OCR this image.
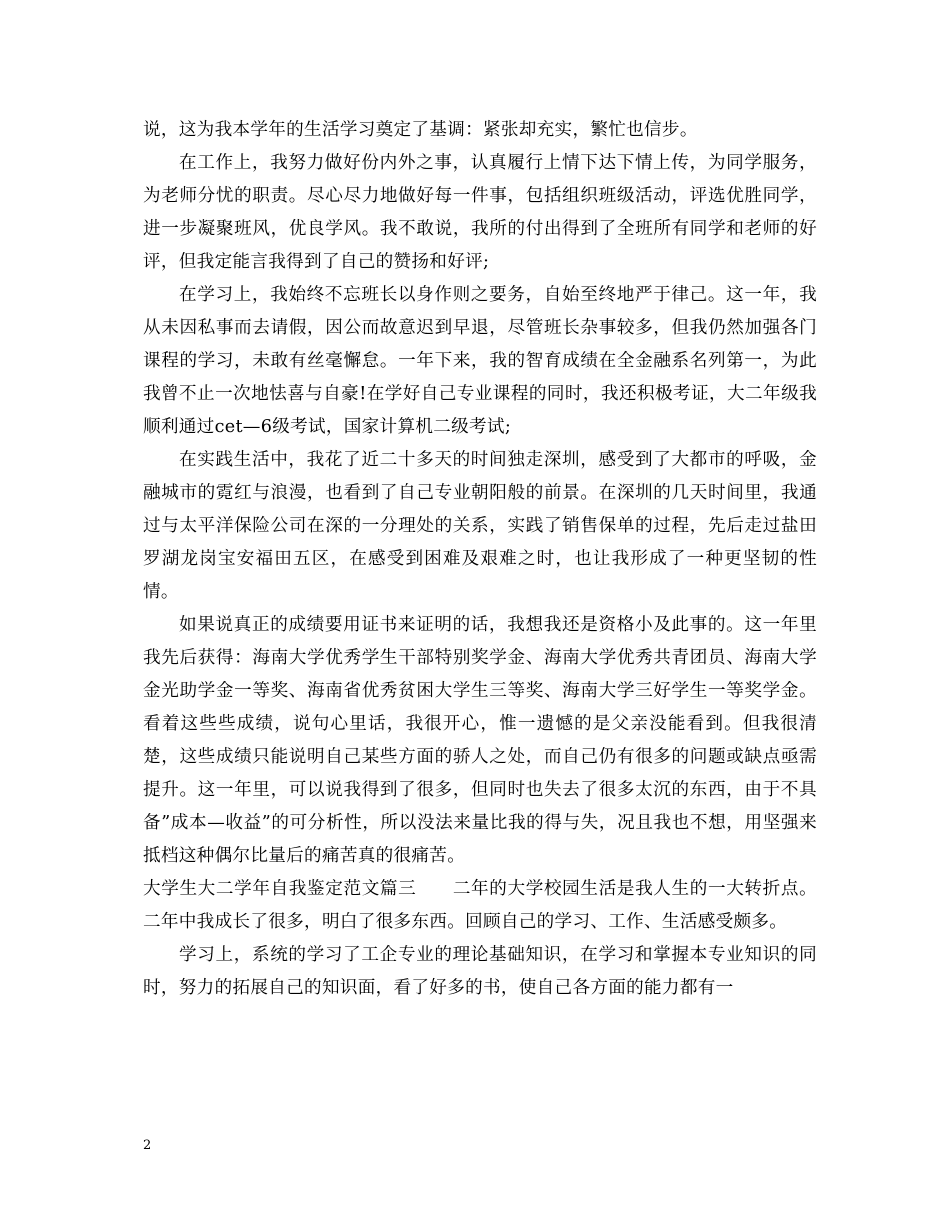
说，这为我本学年的生活学习奠定了基调：紧张却充实，繁忙也信步。

在工作上，我努力做好份内外之事，认真履行上情下达下情上传，为同学服务，为老师分忧的职责。尽心尽力地做好每一件事，包括组织班级活动，评选优胜同学，进一步凝聚班风，优良学风。我不敢说，我所的付出得到了全班所有同学和老师的好评，但我定能言我得到了自己的赞扬和好评;

在学习上，我始终不忘班长以身作则之要务，自始至终地严于律己。这一年，我从未因私事而去请假，因公而故意迟到早退，尽管班长杂事较多，但我仍然加强各门课程的学习，未敢有丝毫懈怠。一年下来，我的智育成绩在全金融系名列第一，为此我曾不止一次地怯喜与自豪!在学好自己专业课程的同时，我还积极考证，大二年级我顺利通过cet—6级考试，国家计算机二级考试;

在实践生活中，我花了近二十多天的时间独走深圳，感受到了大都市的呼吸，金融城市的霓红与浪漫，也看到了自己专业朝阳般的前景。在深圳的几天时间里，我通过与太平洋保险公司在深的一分理处的关系，实践了销售保单的过程，先后走过盐田罗湖龙岗宝安福田五区，在感受到困难及艰难之时，也让我形成了一种更坚韧的性情。

如果说真正的成绩要用证书来证明的话，我想我还是资格小及此事的。这一年里我先后获得：海南大学优秀学生干部特别奖学金、海南大学优秀共青团员、海南大学金光助学金一等奖、海南省优秀贫困大学生三等奖、海南大学三好学生一等奖学金。看着这些些成绩，说句心里话，我很开心，惟一遗憾的是父亲没能看到。但我很清楚，这些成绩只能说明自己某些方面的骄人之处，而自己仍有很多的问题或缺点亟需提升。这一年里，可以说我得到了很多，但同时也失去了很多太沉的东西，由于不具备”成本—收益”的可分析性，所以没法来量比我的得与失，况且我也不想，用坚强来抵档这种偶尔比量后的痛苦真的很痛苦。

大学生大二学年自我鉴定范文篇三　　二年的大学校园生活是我人生的一大转折点。二年中我成长了很多，明白了很多东西。回顾自己的学习、工作、生活感受颇多。

学习上，系统的学习了工企专业的理论基础知识，在学习和掌握本专业知识的同时，努力的拓展自己的知识面，看了好多的书，使自己各方面的能力都有一

2
